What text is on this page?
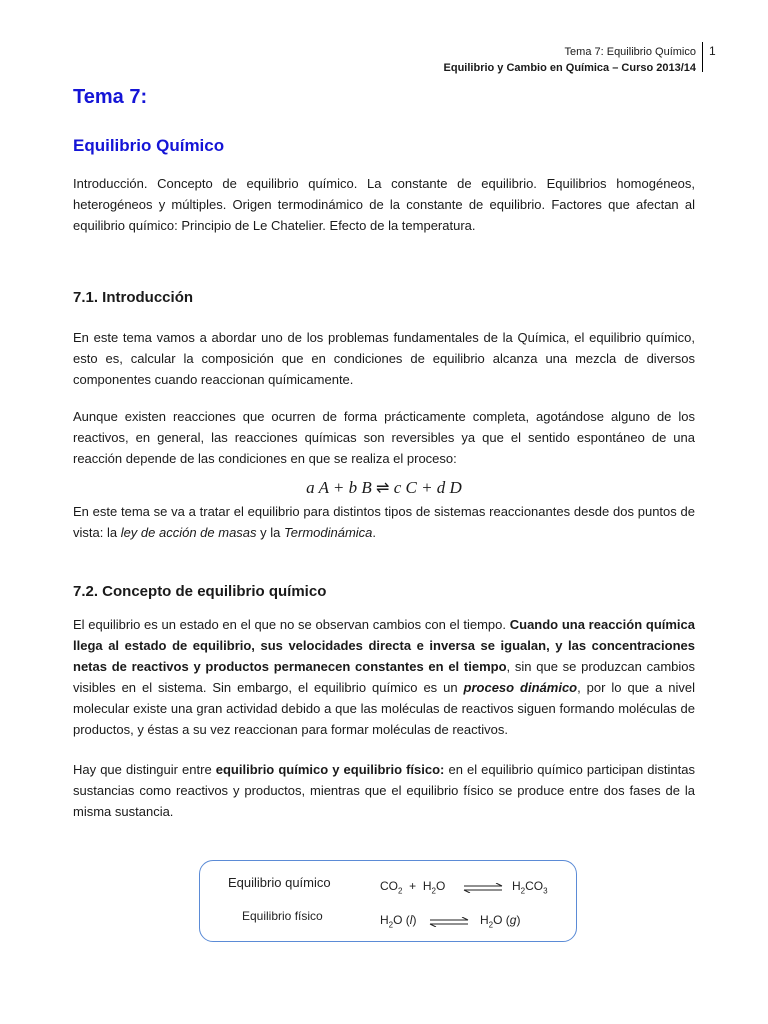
Tema 7: Equilibrio Químico
Equilibrio y Cambio en Química – Curso 2013/14
1
Tema 7:
Equilibrio Químico

Introducción. Concepto de equilibrio químico. La constante de equilibrio. Equilibrios homogéneos, heterogéneos y múltiples. Origen termodinámico de la constante de equilibrio. Factores que afectan al equilibrio químico: Principio de Le Chatelier. Efecto de la temperatura.

7.1. Introducción

En este tema vamos a abordar uno de los problemas fundamentales de la Química, el equilibrio químico, esto es, calcular la composición que en condiciones de equilibrio alcanza una mezcla de diversos componentes cuando reaccionan químicamente.

Aunque existen reacciones que ocurren de forma prácticamente completa, agotándose alguno de los reactivos, en general, las reacciones químicas son reversibles ya que el sentido espontáneo de una reacción depende de las condiciones en que se realiza el proceso:

a A + b B ⇌ c C + d D

En este tema se va a tratar el equilibrio para distintos tipos de sistemas reaccionantes desde dos puntos de vista: la ley de acción de masas y la Termodinámica.

7.2. Concepto de equilibrio químico

El equilibrio es un estado en el que no se observan cambios con el tiempo. Cuando una reacción química llega al estado de equilibrio, sus velocidades directa e inversa se igualan, y las concentraciones netas de reactivos y productos permanecen constantes en el tiempo, sin que se produzcan cambios visibles en el sistema. Sin embargo, el equilibrio químico es un proceso dinámico, por lo que a nivel molecular existe una gran actividad debido a que las moléculas de reactivos siguen formando moléculas de productos, y éstas a su vez reaccionan para formar moléculas de reactivos.

Hay que distinguir entre equilibrio químico y equilibrio físico: en el equilibrio químico participan distintas sustancias como reactivos y productos, mientras que el equilibrio físico se produce entre dos fases de la misma sustancia.

Equilibrio químico	$CO_2 + H_2O$ ⇌ $H_2CO_3$
Equilibrio físico	$H_2O$ (l) ⇌ $H_2O$ (g)
